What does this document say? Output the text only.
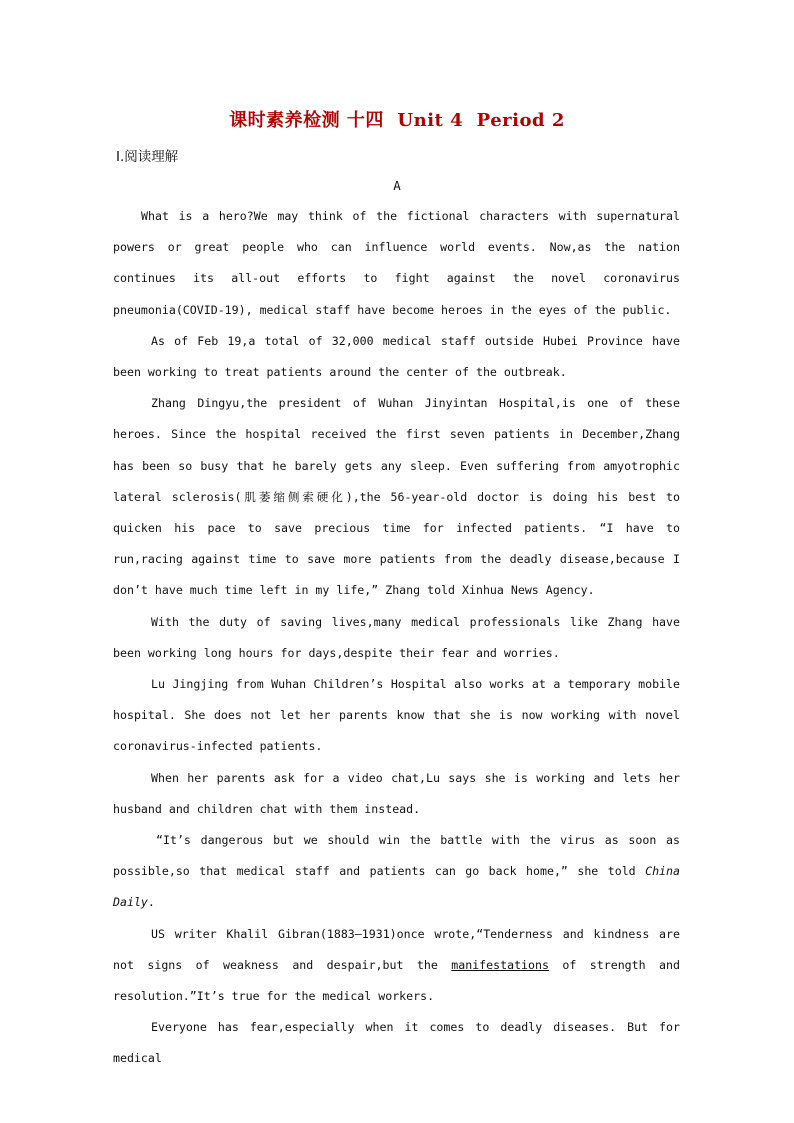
课时素养检测 十四  Unit 4  Period 2
Ⅰ.阅读理解
A

What is a hero?We may think of the fictional characters with supernatural powers or great people who can influence world events. Now,as the nation continues its all-out efforts to fight against the novel coronavirus pneumonia(COVID-19), medical staff have become heroes in the eyes of the public.

As of Feb 19,a total of 32,000 medical staff outside Hubei Province have been working to treat patients around the center of the outbreak.

Zhang Dingyu,the president of Wuhan Jinyintan Hospital,is one of these heroes. Since the hospital received the first seven patients in December,Zhang has been so busy that he barely gets any sleep. Even suffering from amyotrophic lateral sclerosis(肌萎缩侧索硬化),the 56-year-old doctor is doing his best to quicken his pace to save precious time for infected patients. “I have to run,racing against time to save more patients from the deadly disease,because I don’t have much time left in my life,” Zhang told Xinhua News Agency.

With the duty of saving lives,many medical professionals like Zhang have been working long hours for days,despite their fear and worries.

Lu Jingjing from Wuhan Children’s Hospital also works at a temporary mobile hospital. She does not let her parents know that she is now working with novel coronavirus-infected patients.

When her parents ask for a video chat,Lu says she is working and lets her husband and children chat with them instead.

“It’s dangerous but we should win the battle with the virus as soon as possible,so that medical staff and patients can go back home,” she told China Daily.

US writer Khalil Gibran(1883—1931)once wrote,“Tenderness and kindness are not signs of weakness and despair,but the manifestations of strength and resolution.”It’s true for the medical workers.

Everyone has fear,especially when it comes to deadly diseases. But for medical
